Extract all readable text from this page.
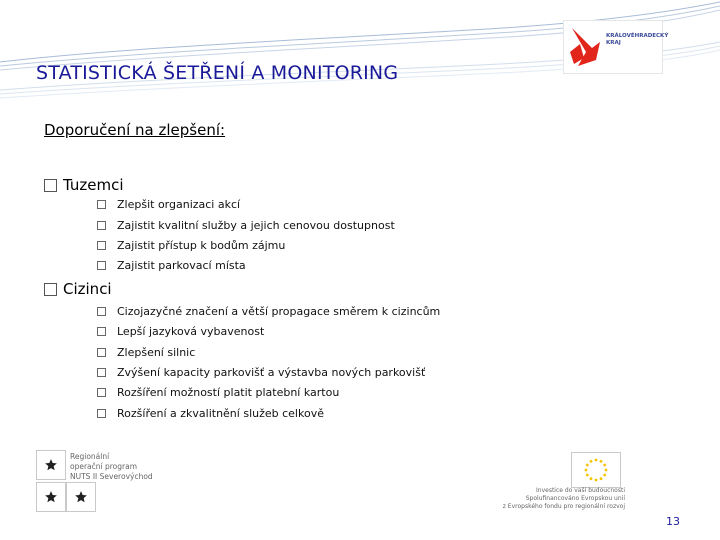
STATISTICKÁ ŠETŘENÍ A MONITORING
KRÁLOVÉHRADECKÝ
KRAJ
Doporučení na zlepšení:
Tuzemci
Zlepšit organizaci akcí
Zajistit kvalitní služby a jejich cenovou dostupnost
Zajistit přístup k bodům zájmu
Zajistit parkovací místa
Cizinci
Cizojazyčné značení a větší propagace směrem k cizincům
Lepší jazyková vybavenost
Zlepšení silnic
Zvýšení kapacity parkovišť a výstavba nových parkovišť
Rozšíření možností platit platební kartou
Rozšíření a zkvalitnění služeb celkově
Regionální
operační program
NUTS II Severovýchod
Investice do vaší budoucnosti
Spolufinancováno Evropskou unií
z Evropského fondu pro regionální rozvoj
13
